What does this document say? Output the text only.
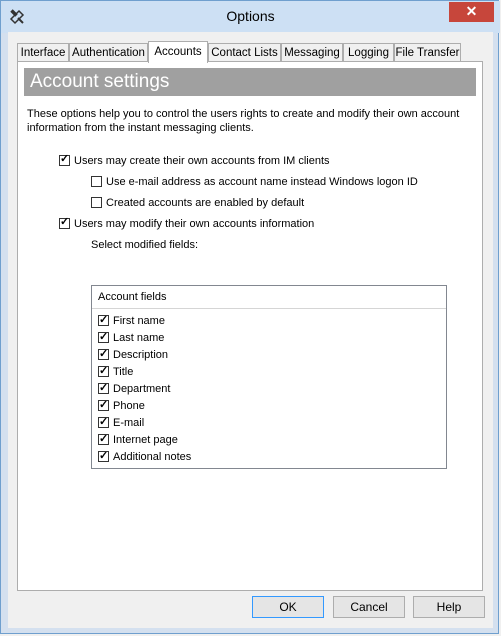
Options	✕
Interface Authentication Accounts Contact Lists Messaging Logging File Transfer
Account settings
These options help you to control the users rights to create and modify their own account information from the instant messaging clients.
✓Users may create their own accounts from IM clients
Use e-mail address as account name instead Windows logon ID
Created accounts are enabled by default
✓Users may modify their own accounts information
Select modified fields:
Account fields
✓First name
✓Last name
✓Description
✓Title
✓Department
✓Phone
✓E-mail
✓Internet page
✓Additional notes
OK	Cancel	Help
